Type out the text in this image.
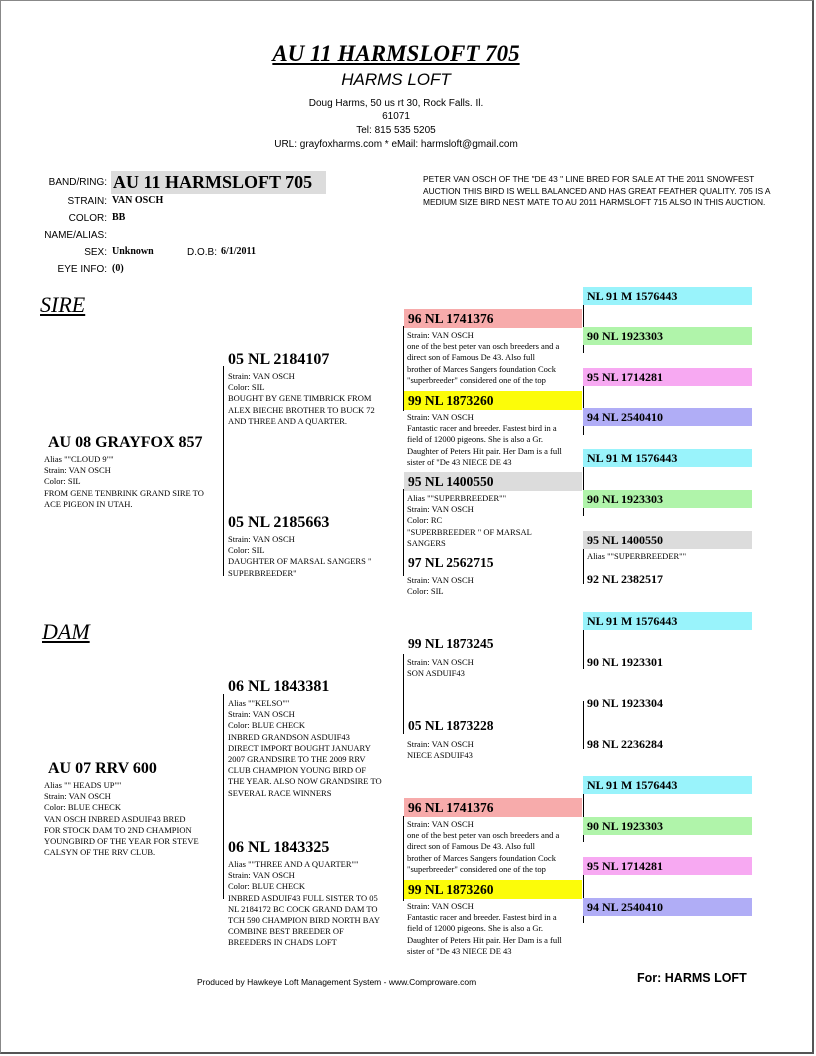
AU 11 HARMSLOFT 705
HARMS LOFT
Doug Harms, 50 us rt 30, Rock Falls. Il.
61071
Tel: 815 535 5205
URL: grayfoxharms.com * eMail: harmsloft@gmail.com
BAND/RING: AU 11 HARMSLOFT 705
STRAIN: VAN OSCH
COLOR: BB
NAME/ALIAS:
SEX: Unknown	D.O.B: 6/1/2011
EYE INFO: (0)
PETER VAN OSCH OF THE "DE 43 " LINE BRED FOR SALE AT THE 2011 SNOWFEST AUCTION THIS BIRD IS WELL BALANCED AND HAS GREAT FEATHER QUALITY. 705 IS A MEDIUM SIZE BIRD NEST MATE TO AU 2011 HARMSLOFT 715 ALSO IN THIS AUCTION.
SIRE
AU 08 GRAYFOX 857
Alias ""CLOUD 9""
Strain: VAN OSCH
Color: SIL
FROM GENE TENBRINK GRAND SIRE TO
ACE PIGEON IN UTAH.
05 NL 2184107
Strain: VAN OSCH
Color: SIL
BOUGHT BY GENE TIMBRICK FROM
ALEX BIECHE BROTHER TO BUCK 72
AND THREE AND A QUARTER.
05 NL 2185663
Strain: VAN OSCH
Color: SIL
DAUGHTER OF MARSAL SANGERS "
SUPERBREEDER"
96 NL 1741376
Strain: VAN OSCH
one of the best peter van osch breeders and a
direct son of Famous De 43. Also full
brother of Marces Sangers foundation Cock
"superbreeder" considered one of the top
99 NL 1873260
Strain: VAN OSCH
Fantastic racer and breeder. Fastest bird in a
field of 12000 pigeons. She is also a Gr.
Daughter of Peters Hit pair. Her Dam is a full
sister of "De 43 NIECE DE 43
95 NL 1400550
Alias ""SUPERBREEDER""
Strain: VAN OSCH
Color: RC
"SUPERBREEDER " OF MARSAL
SANGERS
97 NL 2562715
Strain: VAN OSCH
Color: SIL
NL 91 M 1576443
90 NL 1923303
95 NL 1714281
94 NL 2540410
NL 91 M 1576443
90 NL 1923303
95 NL 1400550
Alias ""SUPERBREEDER""
92 NL 2382517
DAM
AU 07 RRV 600
Alias "" HEADS UP""
Strain: VAN OSCH
Color: BLUE CHECK
VAN OSCH INBRED ASDUIF43 BRED
FOR STOCK DAM TO 2ND CHAMPION
YOUNGBIRD OF THE YEAR FOR STEVE
CALSYN OF THE RRV CLUB.
06 NL 1843381
Alias ""KELSO""
Strain: VAN OSCH
Color: BLUE CHECK
INBRED GRANDSON ASDUIF43
DIRECT IMPORT BOUGHT JANUARY
2007 GRANDSIRE TO THE 2009 RRV
CLUB CHAMPION YOUNG BIRD OF
THE YEAR. ALSO NOW GRANDSIRE TO
SEVERAL RACE WINNERS
06 NL 1843325
Alias ""THREE AND A QUARTER""
Strain: VAN OSCH
Color: BLUE CHECK
INBRED ASDUIF43 FULL SISTER TO 05
NL 2184172 BC COCK GRAND DAM TO
TCH 590 CHAMPION BIRD NORTH BAY
COMBINE BEST BREEDER OF
BREEDERS IN CHADS LOFT
99 NL 1873245
Strain: VAN OSCH
SON ASDUIF43
05 NL 1873228
Strain: VAN OSCH
NIECE ASDUIF43
96 NL 1741376
Strain: VAN OSCH
one of the best peter van osch breeders and a
direct son of Famous De 43. Also full
brother of Marces Sangers foundation Cock
"superbreeder" considered one of the top
99 NL 1873260
Strain: VAN OSCH
Fantastic racer and breeder. Fastest bird in a
field of 12000 pigeons. She is also a Gr.
Daughter of Peters Hit pair. Her Dam is a full
sister of "De 43 NIECE DE 43
NL 91 M 1576443
90 NL 1923301
90 NL 1923304
98 NL 2236284
NL 91 M 1576443
90 NL 1923303
95 NL 1714281
94 NL 2540410
Produced by Hawkeye Loft Management System - www.Comproware.com	For: HARMS LOFT
